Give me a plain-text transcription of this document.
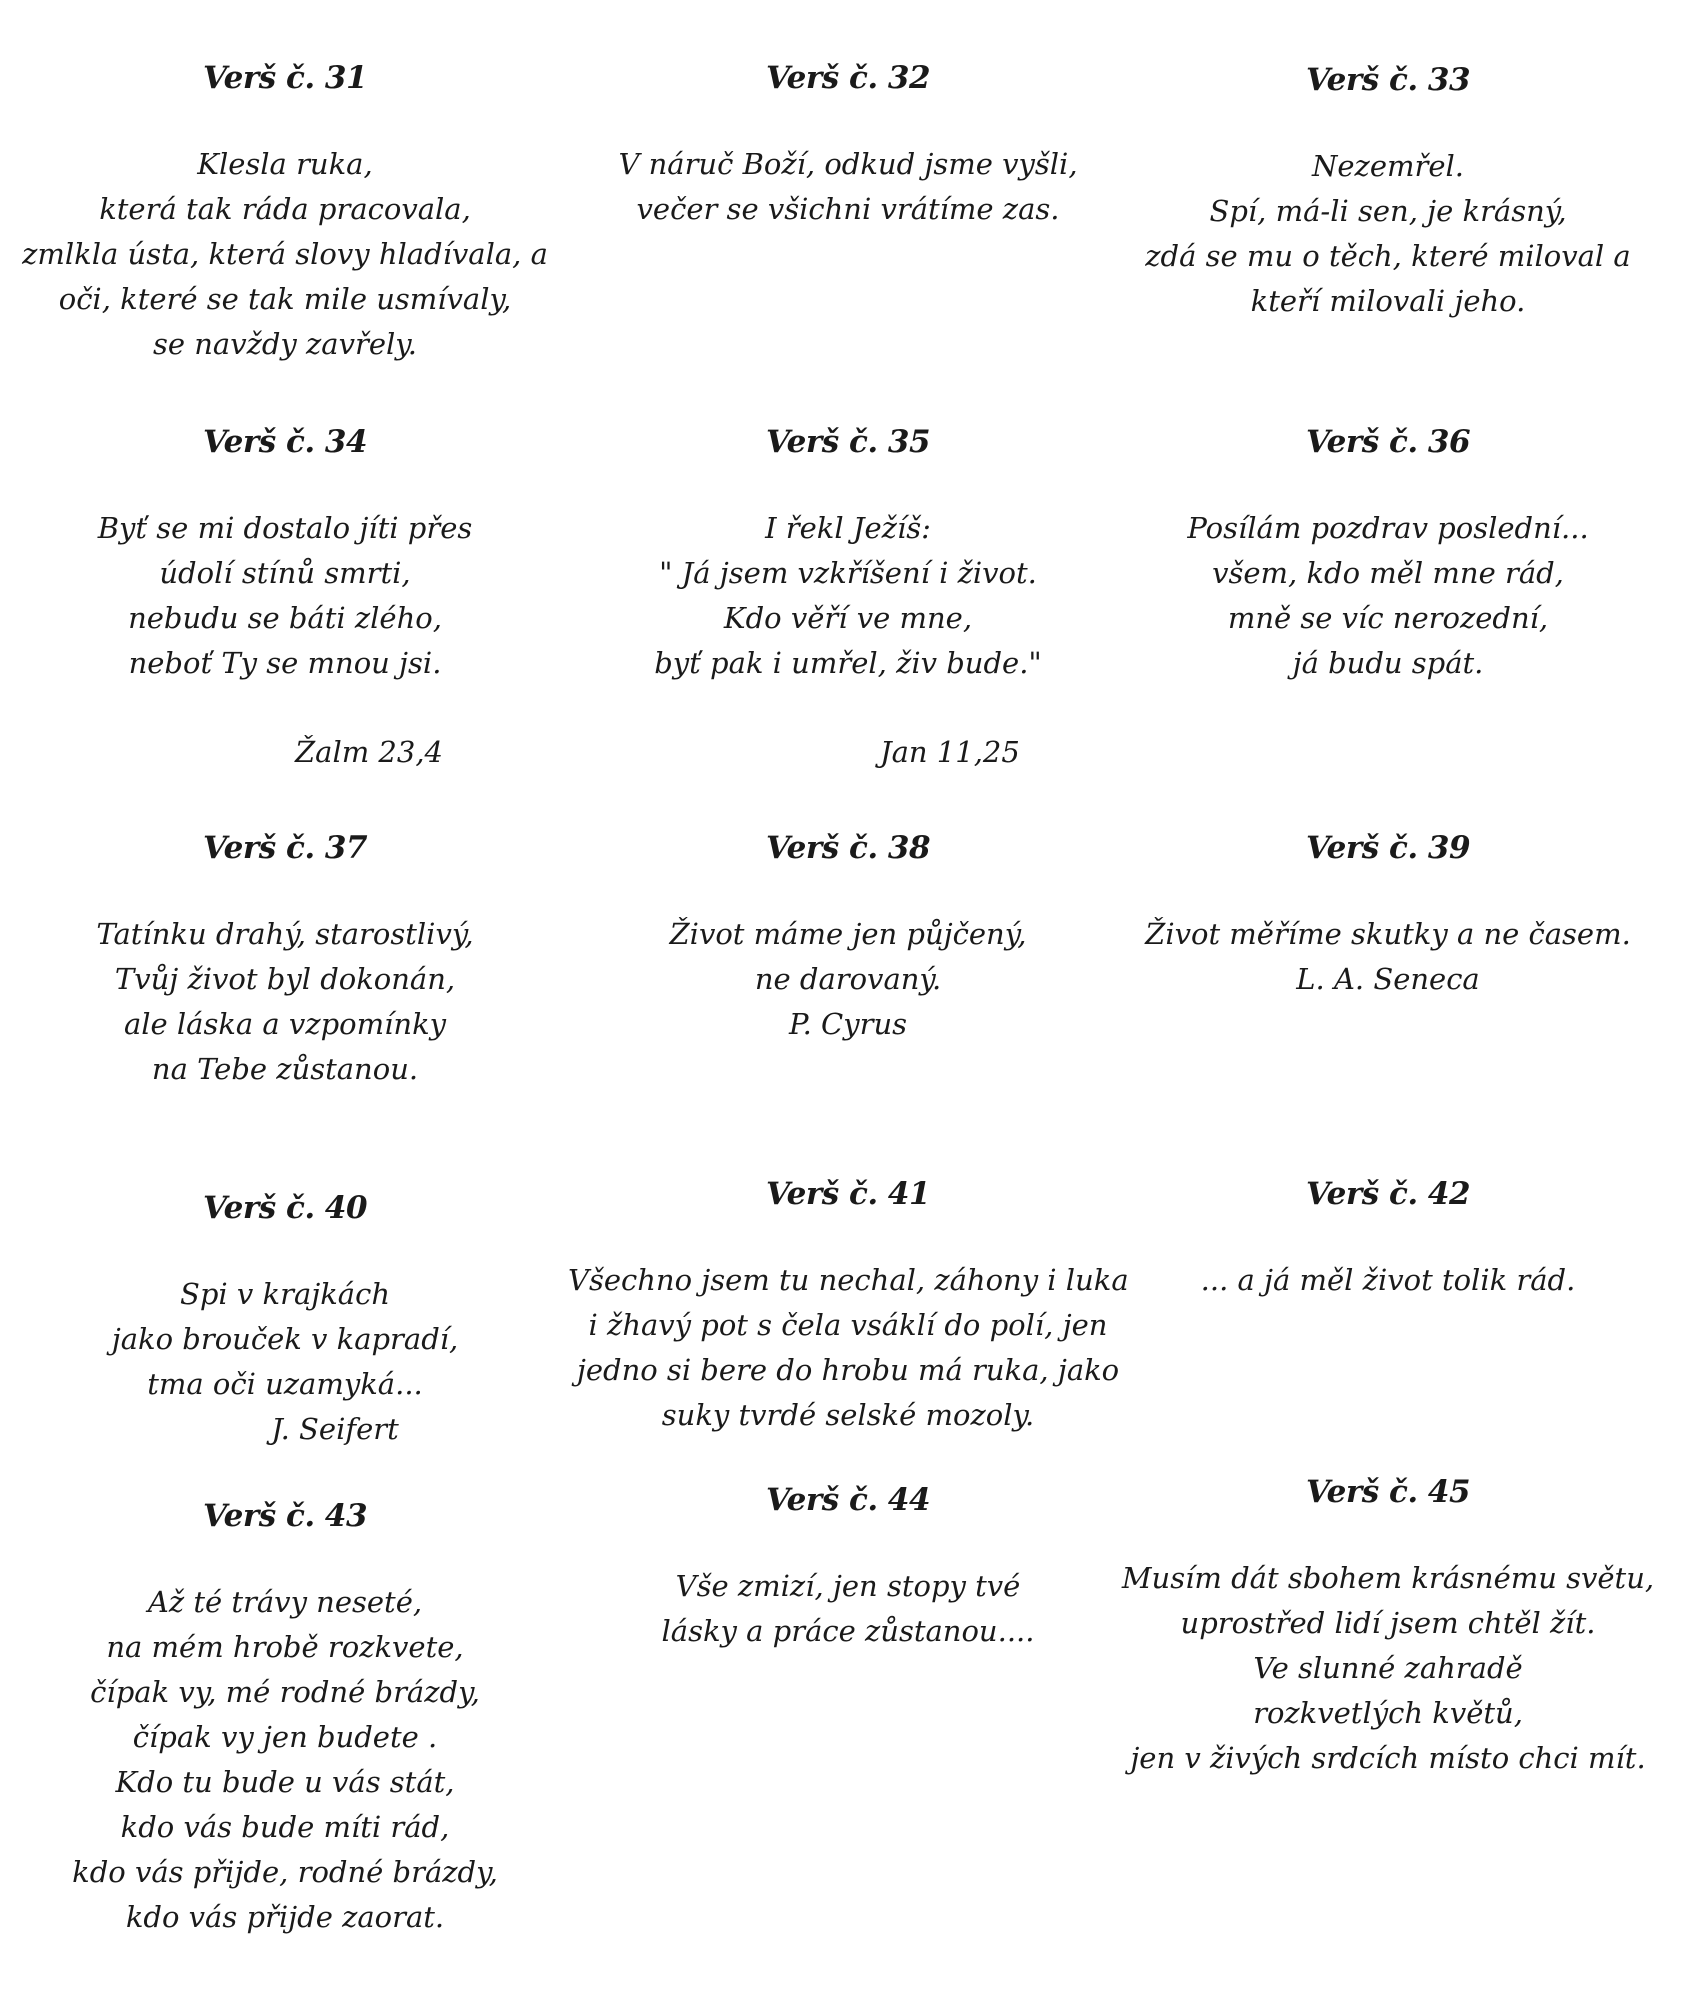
Verš č. 31
Klesla ruka,
která tak ráda pracovala,
zmlkla ústa, která slovy hladívala, a
oči, které se tak mile usmívaly,
se navždy zavřely.
Verš č. 32
V náruč Boží, odkud jsme vyšli,
večer se všichni vrátíme zas.
Verš č. 33
Nezemřel.
Spí, má-li sen, je krásný,
zdá se mu o těch, které miloval a
kteří milovali jeho.
Verš č. 34
Byť se mi dostalo jíti přes
údolí stínů smrti,
nebudu se báti zlého,
neboť Ty se mnou jsi.
Žalm 23,4
Verš č. 35
I řekl Ježíš:
" Já jsem vzkříšení i život.
Kdo věří ve mne,
byť pak i umřel, živ bude."
Jan 11,25
Verš č. 36
Posílám pozdrav poslední...
všem, kdo měl mne rád,
mně se víc nerozední,
já budu spát.
Verš č. 37
Tatínku drahý, starostlivý,
Tvůj život byl dokonán,
ale láska a vzpomínky
na Tebe zůstanou.
Verš č. 38
Život máme jen půjčený,
ne darovaný.
P. Cyrus
Verš č. 39
Život měříme skutky a ne časem.
L. A. Seneca
Verš č. 40
Spi v krajkách
jako brouček v kapradí,
tma oči uzamyká...
J. Seifert
Verš č. 41
Všechno jsem tu nechal, záhony i luka
i žhavý pot s čela vsáklí do polí, jen
jedno si bere do hrobu má ruka, jako
suky tvrdé selské mozoly.
Verš č. 42
... a já měl život tolik rád.
Verš č. 43
Až té trávy neseté,
na mém hrobě rozkvete,
čípak vy, mé rodné brázdy,
čípak vy jen budete .
Kdo tu bude u vás stát,
kdo vás bude míti rád,
kdo vás přijde, rodné brázdy,
kdo vás přijde zaorat.
Verš č. 44
Vše zmizí, jen stopy tvé
lásky a práce zůstanou....
Verš č. 45
Musím dát sbohem krásnému světu,
uprostřed lidí jsem chtěl žít.
Ve slunné zahradě
rozkvetlých květů,
jen v živých srdcích místo chci mít.
